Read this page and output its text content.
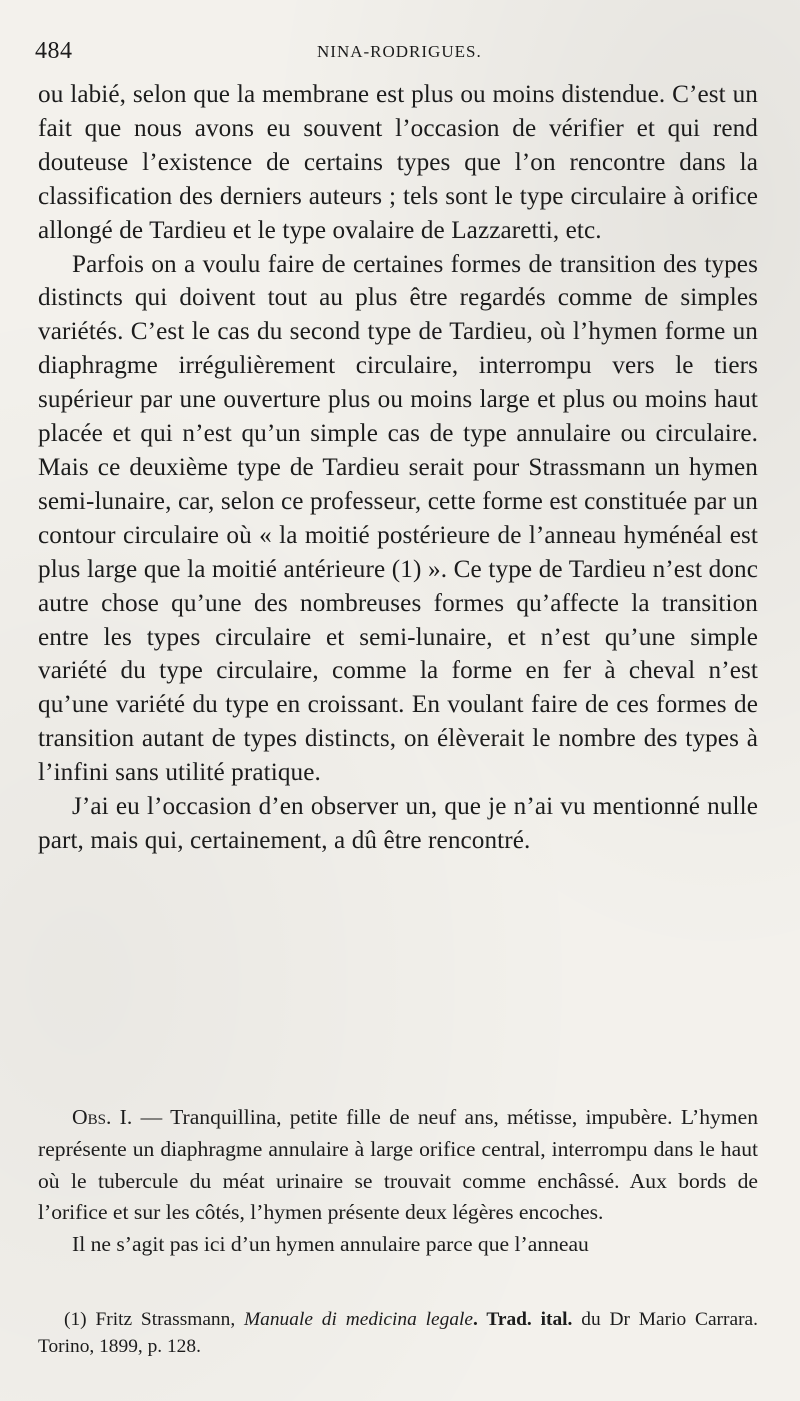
484	NINA-RODRIGUES.

ou labié, selon que la membrane est plus ou moins distendue. C’est un fait que nous avons eu souvent l’occasion de vérifier et qui rend douteuse l’existence de certains types que l’on rencontre dans la classification des derniers auteurs ; tels sont le type circulaire à orifice allongé de Tardieu et le type ovalaire de Lazzaretti, etc.

Parfois on a voulu faire de certaines formes de transition des types distincts qui doivent tout au plus être regardés comme de simples variétés. C’est le cas du second type de Tardieu, où l’hymen forme un diaphragme irrégulièrement circulaire, interrompu vers le tiers supérieur par une ouverture plus ou moins large et plus ou moins haut placée et qui n’est qu’un simple cas de type annulaire ou circulaire. Mais ce deuxième type de Tardieu serait pour Strassmann un hymen semi-lunaire, car, selon ce professeur, cette forme est constituée par un contour circulaire où « la moitié postérieure de l’anneau hyménéal est plus large que la moitié antérieure (1) ». Ce type de Tardieu n’est donc autre chose qu’une des nombreuses formes qu’affecte la transition entre les types circulaire et semi-lunaire, et n’est qu’une simple variété du type circulaire, comme la forme en fer à cheval n’est qu’une variété du type en croissant. En voulant faire de ces formes de transition autant de types distincts, on élèverait le nombre des types à l’infini sans utilité pratique.

J’ai eu l’occasion d’en observer un, que je n’ai vu mentionné nulle part, mais qui, certainement, a dû être rencontré.

Obs. I. — Tranquillina, petite fille de neuf ans, métisse, impubère. L’hymen représente un diaphragme annulaire à large orifice central, interrompu dans le haut où le tubercule du méat urinaire se trouvait comme enchâssé. Aux bords de l’orifice et sur les côtés, l’hymen présente deux légères encoches.

Il ne s’agit pas ici d’un hymen annulaire parce que l’anneau

(1) Fritz Strassmann, Manuale di medicina legale. Trad. ital. du Dr Mario Carrara. Torino, 1899, p. 128.
